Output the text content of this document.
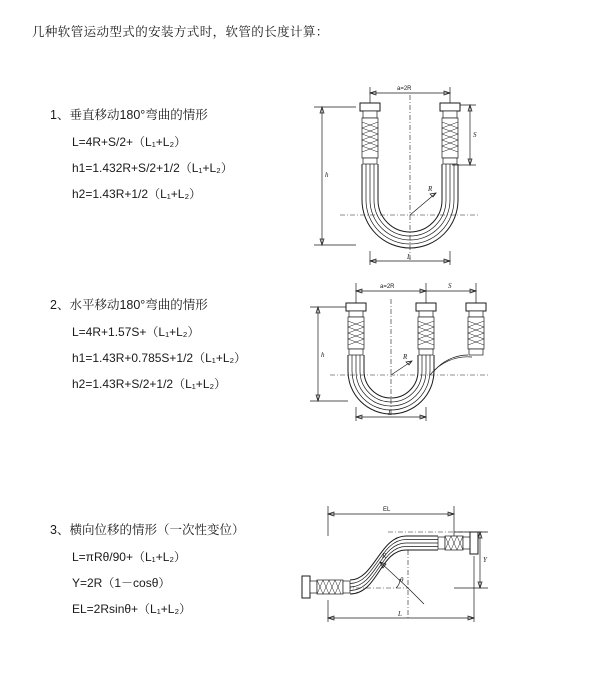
几种软管运动型式的安装方式时，软管的长度计算：

1、垂直移动180°弯曲的情形

L=4R+S/2+（L₁+L₂）

h1=1.432R+S/2+1/2（L₁+L₂）

h2=1.43R+1/2（L₁+L₂）

a=2R
S
h
R
L

2、水平移动180°弯曲的情形

L=4R+1.57S+（L₁+L₂）

h1=1.43R+0.785S+1/2（L₁+L₂）

h2=1.43R+S/2+1/2（L₁+L₂）

a=2R	S
h	R
L

3、横向位移的情形（一次性变位）

L=πRθ/90+（L₁+L₂）

Y=2R（1－cosθ）

EL=2Rsinθ+（L₁+L₂）

EL
Y
R
θ
L
